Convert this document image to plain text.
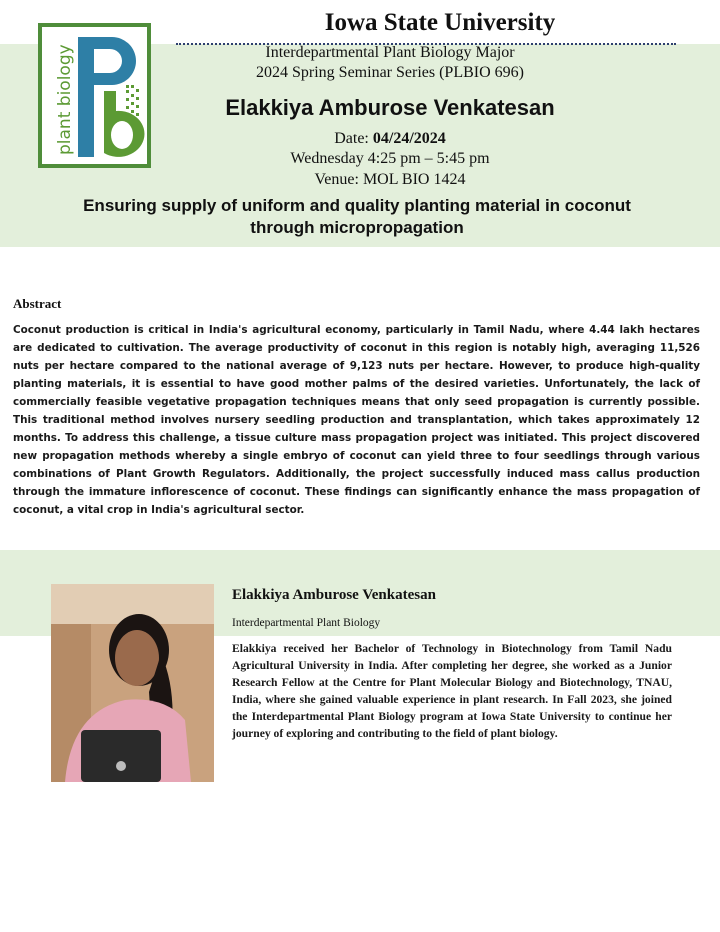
plant biology
Iowa State University
Interdepartmental Plant Biology Major
2024 Spring Seminar Series (PLBIO 696)
Elakkiya Amburose Venkatesan
Date: 04/24/2024
Wednesday 4:25 pm – 5:45 pm
Venue: MOL BIO 1424
Ensuring supply of uniform and quality planting material in coconut
through micropropagation
Abstract
Coconut production is critical in India's agricultural economy, particularly in Tamil Nadu, where 4.44 lakh hectares are dedicated to cultivation. The average productivity of coconut in this region is notably high, averaging 11,526 nuts per hectare compared to the national average of 9,123 nuts per hectare. However, to produce high-quality planting materials, it is essential to have good mother palms of the desired varieties. Unfortunately, the lack of commercially feasible vegetative propagation techniques means that only seed propagation is currently possible. This traditional method involves nursery seedling production and transplantation, which takes approximately 12 months. To address this challenge, a tissue culture mass propagation project was initiated. This project discovered new propagation methods whereby a single embryo of coconut can yield three to four seedlings through various combinations of Plant Growth Regulators. Additionally, the project successfully induced mass callus production through the immature inflorescence of coconut. These findings can significantly enhance the mass propagation of coconut, a vital crop in India's agricultural sector.
Elakkiya Amburose Venkatesan
Interdepartmental Plant Biology
Elakkiya received her Bachelor of Technology in Biotechnology from Tamil Nadu Agricultural University in India. After completing her degree, she worked as a Junior Research Fellow at the Centre for Plant Molecular Biology and Biotechnology, TNAU, India, where she gained valuable experience in plant research. In Fall 2023, she joined the Interdepartmental Plant Biology program at Iowa State University to continue her journey of exploring and contributing to the field of plant biology.
